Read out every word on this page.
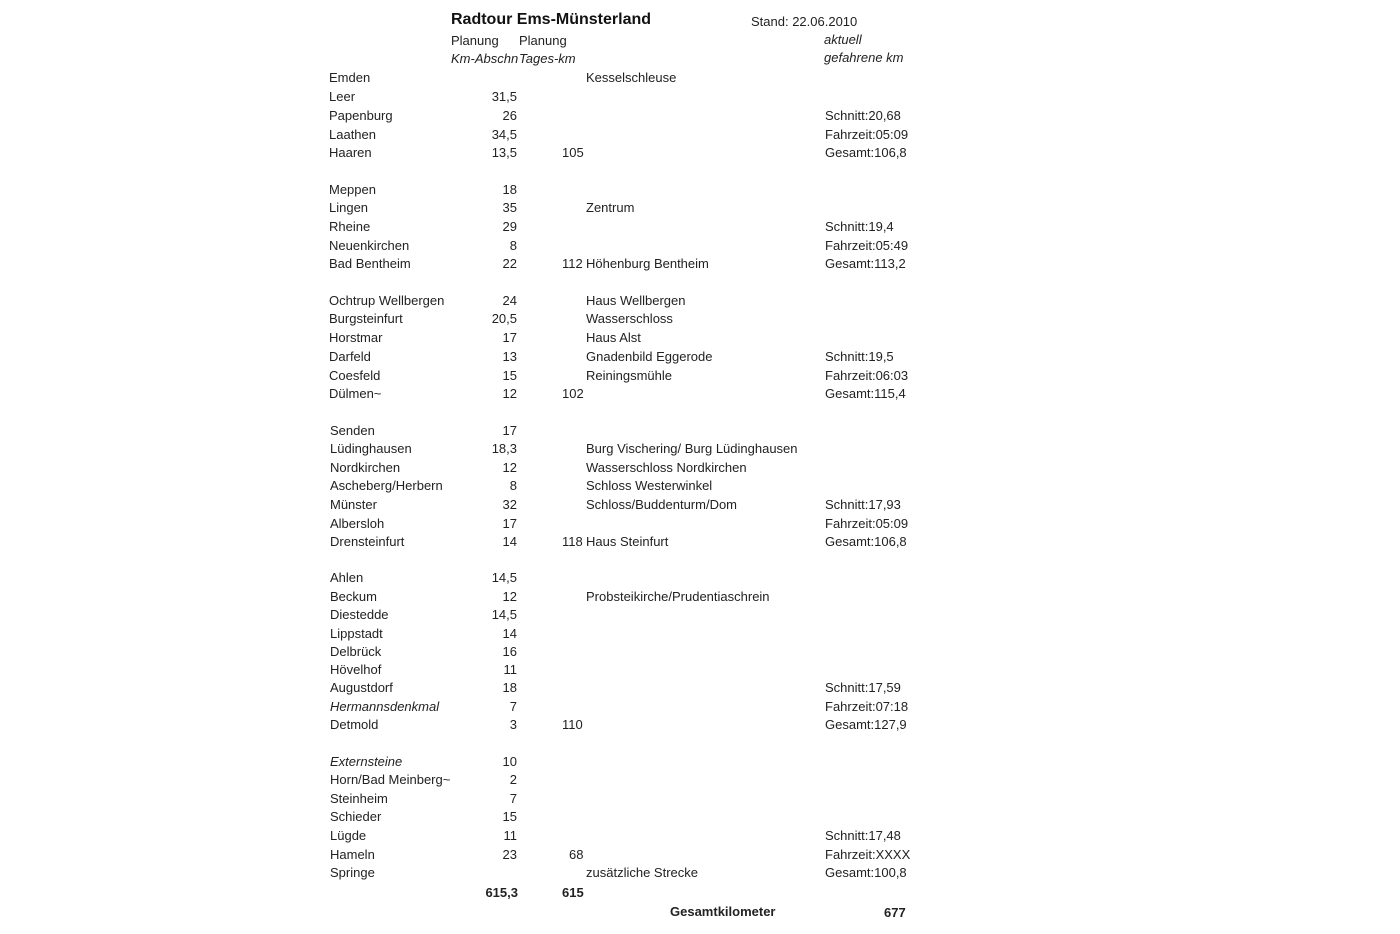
Radtour Ems-Münsterland	Stand: 22.06.2010
Planung Planung
Km-Abschn Tages-km
aktuell
gefahrene km
Emden	Kesselschleuse
Leer	31,5
Papenburg	26	Schnitt:20,68
Laathen	34,5	Fahrzeit:05:09
Haaren	13,5	105	Gesamt:106,8
Meppen	18
Lingen	35	Zentrum
Rheine	29	Schnitt:19,4
Neuenkirchen	8	Fahrzeit:05:49
Bad Bentheim	22	112 Höhenburg Bentheim	Gesamt:113,2
Ochtrup Wellbergen	24	Haus Wellbergen
Burgsteinfurt	20,5	Wasserschloss
Horstmar	17	Haus Alst
Darfeld	13	Gnadenbild Eggerode	Schnitt:19,5
Coesfeld	15	Reiningsmühle	Fahrzeit:06:03
Dülmen~	12	102	Gesamt:115,4
Senden	17
Lüdinghausen	18,3	Burg Vischering/ Burg Lüdinghausen
Nordkirchen	12	Wasserschloss Nordkirchen
Ascheberg/Herbern	8	Schloss Westerwinkel
Münster	32	Schloss/Buddenturm/Dom	Schnitt:17,93
Albersloh	17	Fahrzeit:05:09
Drensteinfurt	14	118 Haus Steinfurt	Gesamt:106,8
Ahlen	14,5
Beckum	12	Probsteikirche/Prudentiaschrein
Diestedde	14,5
Lippstadt	14
Delbrück	16
Hövelhof	11
Augustdorf	18	Schnitt:17,59
Hermannsdenkmal	7	Fahrzeit:07:18
Detmold	3	110	Gesamt:127,9
Externsteine	10
Horn/Bad Meinberg~	2
Steinheim	7
Schieder	15
Lügde	11	Schnitt:17,48
Hameln	23	68	Fahrzeit:XXXX
Springe	zusätzliche Strecke	Gesamt:100,8
615,3	615
Gesamtkilometer	677
